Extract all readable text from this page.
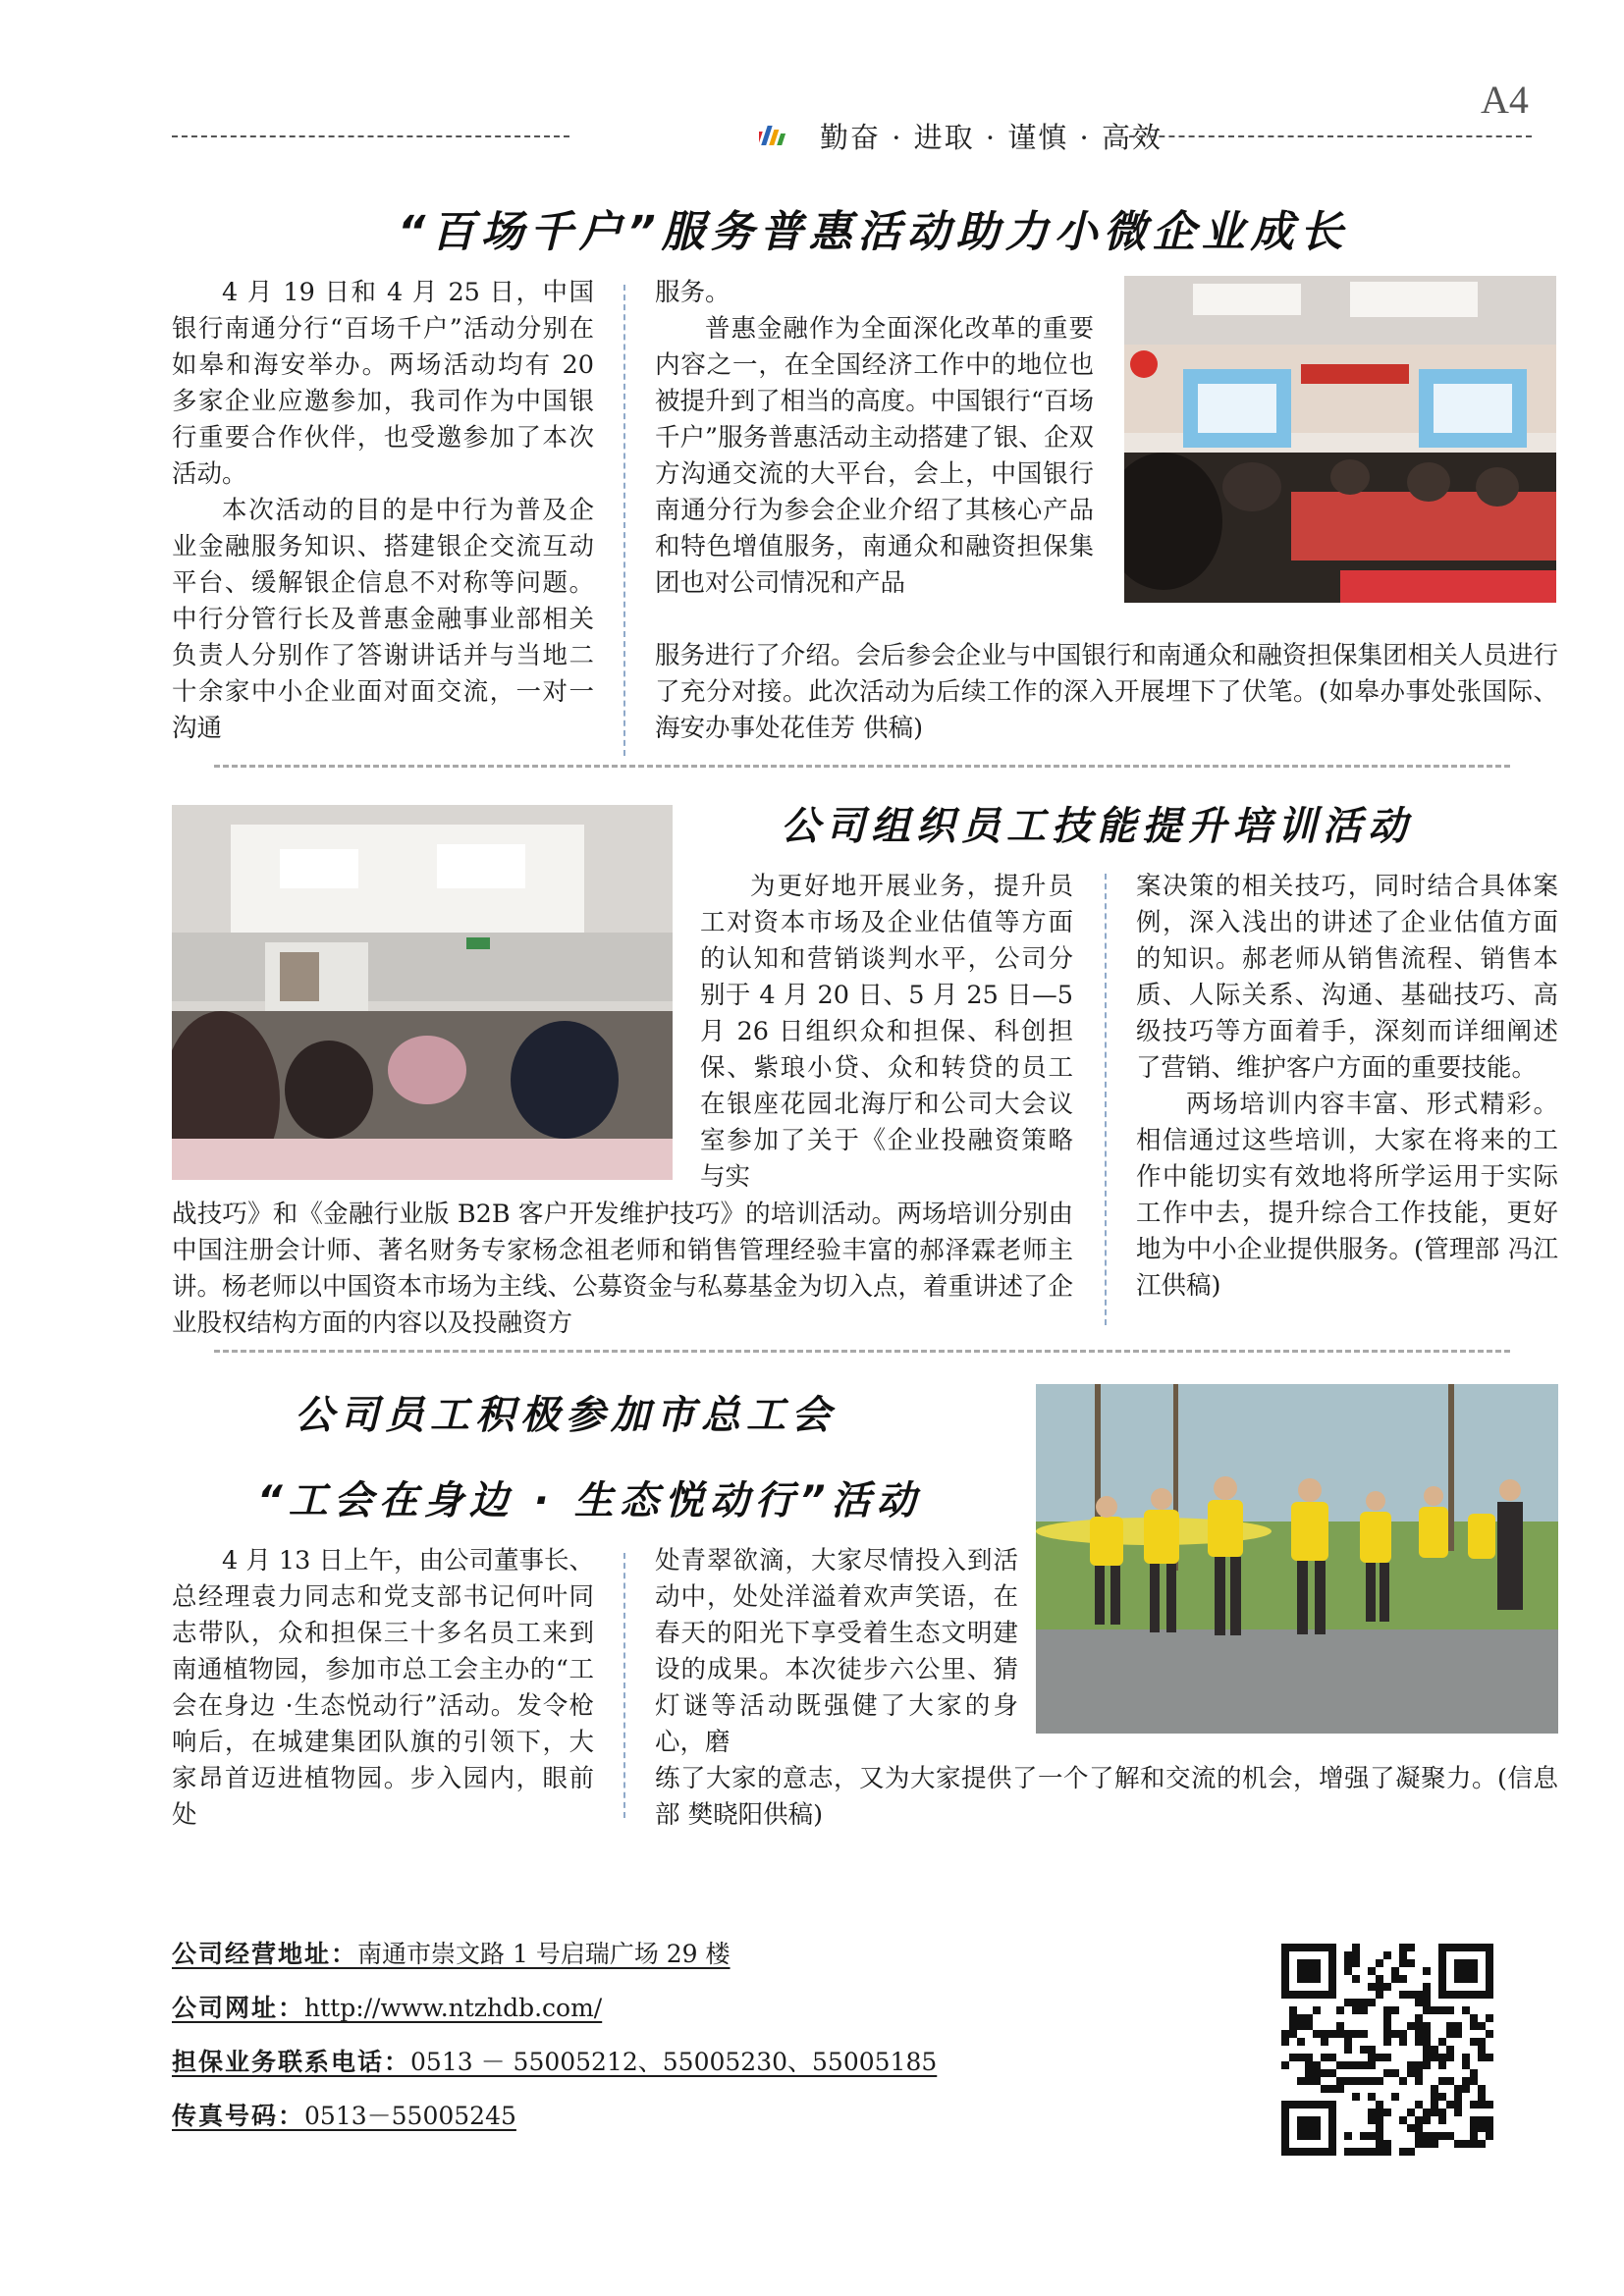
A4
勤奋 · 进取 · 谨慎 · 高效
“百场千户”服务普惠活动助力小微企业成长

4 月 19 日和 4 月 25 日，中国银行南通分行“百场千户”活动分别在如皋和海安举办。两场活动均有 20 多家企业应邀参加，我司作为中国银行重要合作伙伴，也受邀参加了本次活动。

本次活动的目的是中行为普及企业金融服务知识、搭建银企交流互动平台、缓解银企信息不对称等问题。中行分管行长及普惠金融事业部相关负责人分别作了答谢讲话并与当地二十余家中小企业面对面交流，一对一沟通

服务。

普惠金融作为全面深化改革的重要内容之一，在全国经济工作中的地位也被提升到了相当的高度。中国银行“百场千户”服务普惠活动主动搭建了银、企双方沟通交流的大平台，会上，中国银行南通分行为参会企业介绍了其核心产品和特色增值服务，南通众和融资担保集团也对公司情况和产品

服务进行了介绍。会后参会企业与中国银行和南通众和融资担保集团相关人员进行了充分对接。此次活动为后续工作的深入开展埋下了伏笔。(如皋办事处张国际、海安办事处花佳芳 供稿)

公司组织员工技能提升培训活动

为更好地开展业务，提升员工对资本市场及企业估值等方面的认知和营销谈判水平，公司分别于 4 月 20 日、5 月 25 日—5 月 26 日组织众和担保、科创担保、紫琅小贷、众和转贷的员工在银座花园北海厅和公司大会议室参加了关于《企业投融资策略与实

战技巧》和《金融行业版 B2B 客户开发维护技巧》的培训活动。两场培训分别由中国注册会计师、著名财务专家杨念祖老师和销售管理经验丰富的郝泽霖老师主讲。杨老师以中国资本市场为主线、公募资金与私募基金为切入点，着重讲述了企业股权结构方面的内容以及投融资方

案决策的相关技巧，同时结合具体案例，深入浅出的讲述了企业估值方面的知识。郝老师从销售流程、销售本质、人际关系、沟通、基础技巧、高级技巧等方面着手，深刻而详细阐述了营销、维护客户方面的重要技能。

两场培训内容丰富、形式精彩。相信通过这些培训，大家在将来的工作中能切实有效地将所学运用于实际工作中去，提升综合工作技能，更好地为中小企业提供服务。(管理部 冯江江供稿)

公司员工积极参加市总工会
“工会在身边 · 生态悦动行”活动

4 月 13 日上午，由公司董事长、总经理袁力同志和党支部书记何叶同志带队，众和担保三十多名员工来到南通植物园，参加市总工会主办的“工会在身边 ·生态悦动行”活动。发令枪响后，在城建集团队旗的引领下，大家昂首迈进植物园。步入园内，眼前处

处青翠欲滴，大家尽情投入到活动中，处处洋溢着欢声笑语，在春天的阳光下享受着生态文明建设的成果。本次徒步六公里、猜灯谜等活动既强健了大家的身心，磨

练了大家的意志，又为大家提供了一个了解和交流的机会，增强了凝聚力。(信息部 樊晓阳供稿)

公司经营地址：南通市崇文路 1 号启瑞广场 29 楼
公司网址：http://www.ntzhdb.com/
担保业务联系电话：0513 － 55005212、55005230、55005185
传真号码：0513－55005245
